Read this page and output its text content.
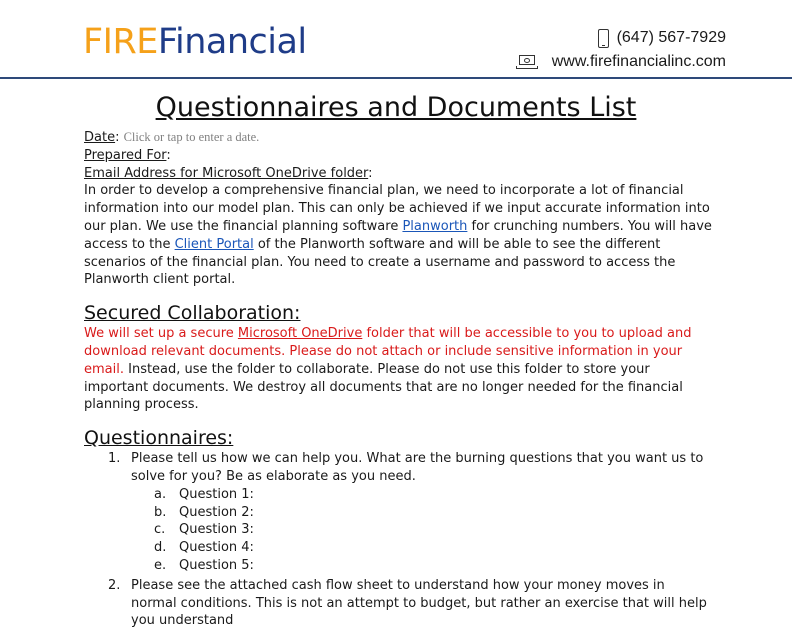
FIREFinancial	(647) 567-7929
www.firefinancialinc.com
Questionnaires and Documents List
Date: Click or tap to enter a date.
Prepared For:
Email Address for Microsoft OneDrive folder:

In order to develop a comprehensive financial plan, we need to incorporate a lot of financial information into our model plan. This can only be achieved if we input accurate information into our plan. We use the financial planning software Planworth for crunching numbers. You will have access to the Client Portal of the Planworth software and will be able to see the different scenarios of the financial plan. You need to create a username and password to access the Planworth client portal.

Secured Collaboration:

We will set up a secure Microsoft OneDrive folder that will be accessible to you to upload and download relevant documents. Please do not attach or include sensitive information in your email. Instead, use the folder to collaborate. Please do not use this folder to store your important documents. We destroy all documents that are no longer needed for the financial planning process.

Questionnaires:
1. Please tell us how we can help you. What are the burning questions that you want us to solve for you? Be as elaborate as you need.
a. Question 1:
b. Question 2:
c. Question 3:
d. Question 4:
e. Question 5:
2. Please see the attached cash flow sheet to understand how your money moves in normal conditions. This is not an attempt to budget, but rather an exercise that will help you understand
